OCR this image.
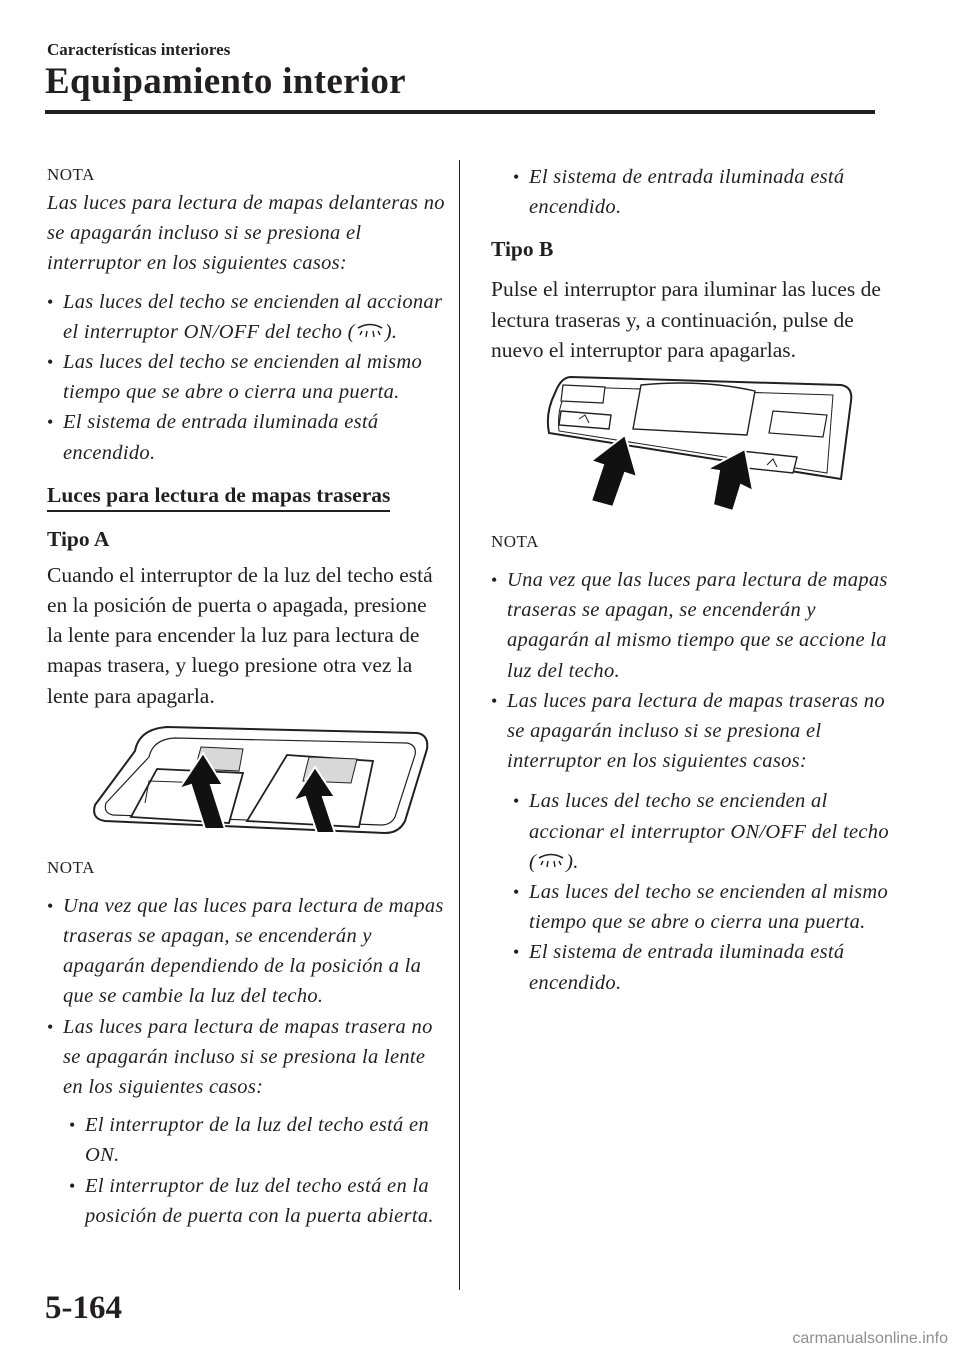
Características interiores
Equipamiento interior

NOTA

Las luces para lectura de mapas delanteras no se apagarán incluso si se presiona el interruptor en los siguientes casos:

• Las luces del techo se encienden al accionar el interruptor ON/OFF del techo ( ).

• Las luces del techo se encienden al mismo tiempo que se abre o cierra una puerta.

• El sistema de entrada iluminada está encendido.

Luces para lectura de mapas traseras

Tipo A

Cuando el interruptor de la luz del techo está en la posición de puerta o apagada, presione la lente para encender la luz para lectura de mapas trasera, y luego presione otra vez la lente para apagarla.

NOTA

• Una vez que las luces para lectura de mapas traseras se apagan, se encenderán y apagarán dependiendo de la posición a la que se cambie la luz del techo.

• Las luces para lectura de mapas trasera no se apagarán incluso si se presiona la lente en los siguientes casos:

• El interruptor de la luz del techo está en ON.

• El interruptor de luz del techo está en la posición de puerta con la puerta abierta.

• El sistema de entrada iluminada está encendido.

Tipo B

Pulse el interruptor para iluminar las luces de lectura traseras y, a continuación, pulse de nuevo el interruptor para apagarlas.

NOTA

• Una vez que las luces para lectura de mapas traseras se apagan, se encenderán y apagarán al mismo tiempo que se accione la luz del techo.

• Las luces para lectura de mapas traseras no se apagarán incluso si se presiona el interruptor en los siguientes casos:

• Las luces del techo se encienden al accionar el interruptor ON/OFF del techo ( ).

• Las luces del techo se encienden al mismo tiempo que se abre o cierra una puerta.

• El sistema de entrada iluminada está encendido.

5-164
carmanualsonline.info
